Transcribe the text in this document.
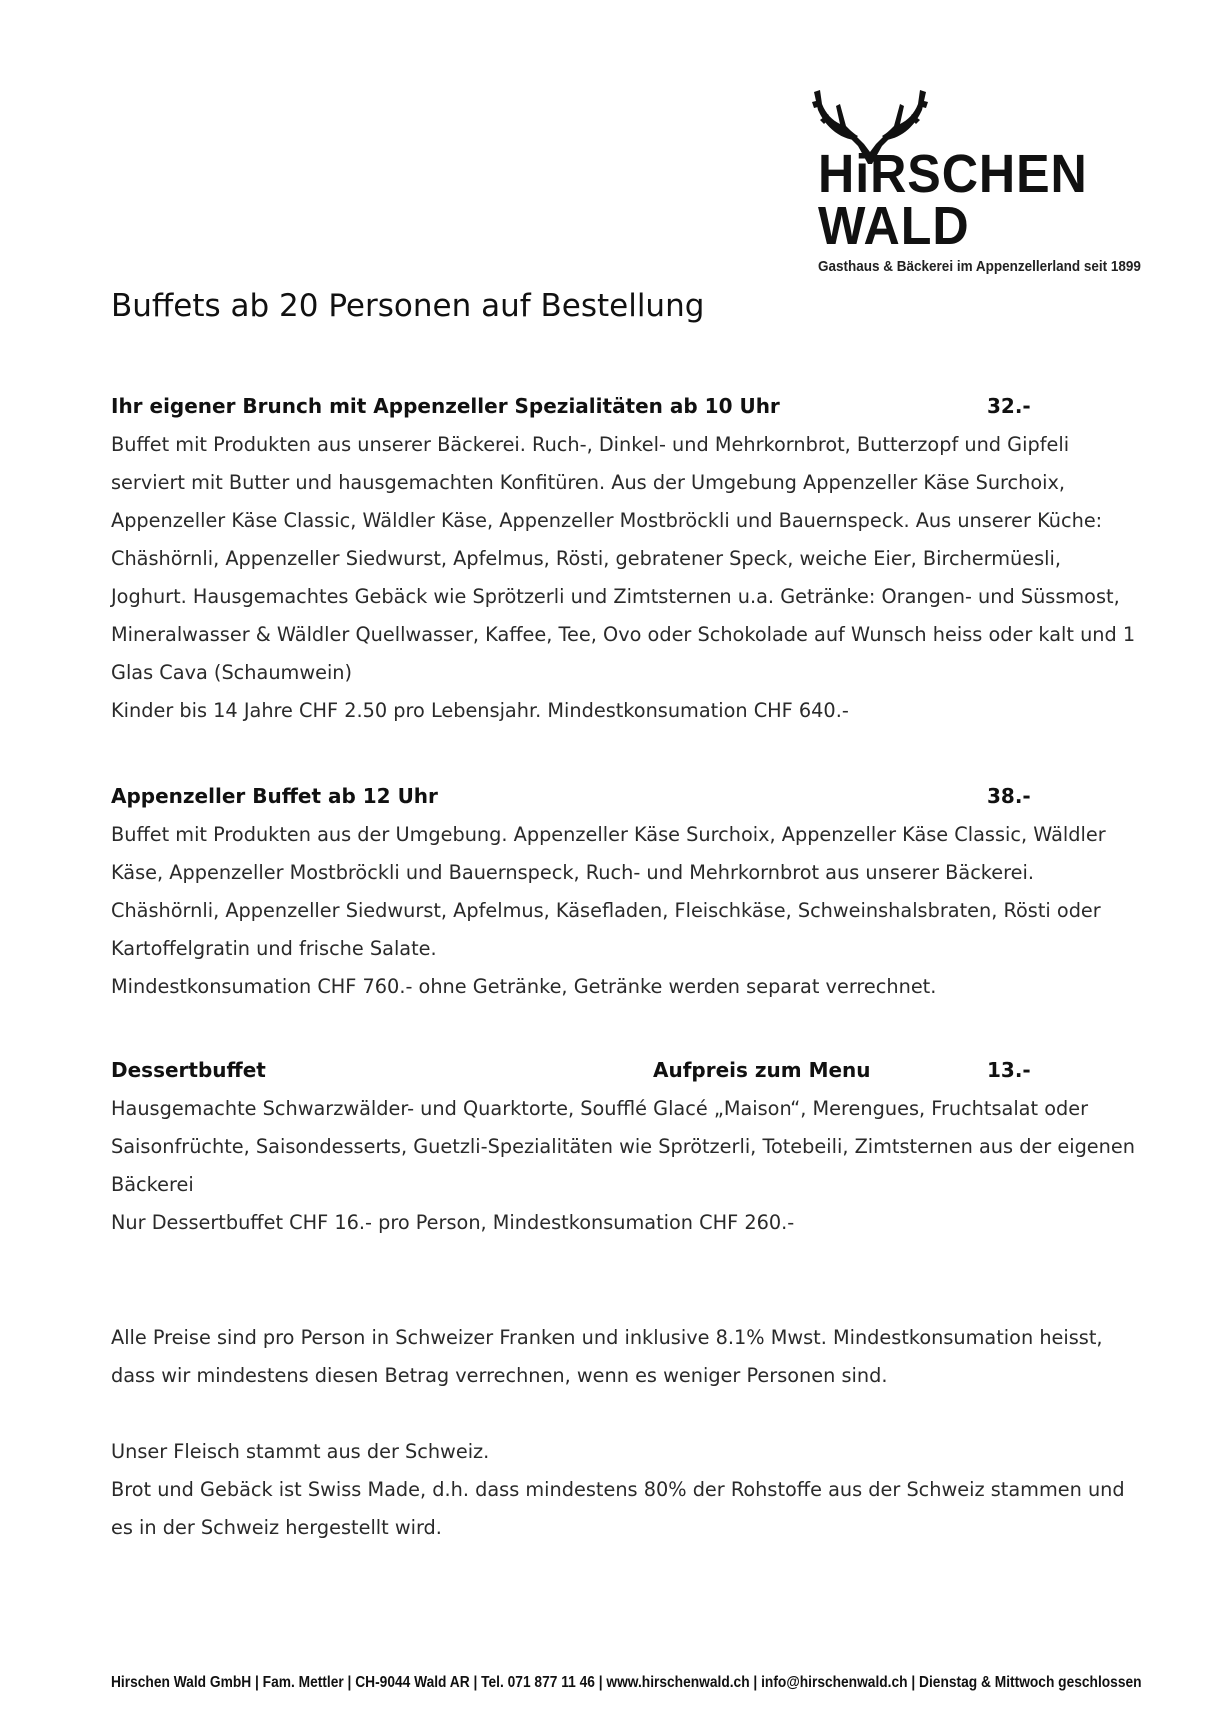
HiRSCHEN
WALD
Gasthaus & Bäckerei im Appenzellerland seit 1899
Buffets ab 20 Personen auf Bestellung
Ihr eigener Brunch mit Appenzeller Spezialitäten ab 10 Uhr	32.-

Buffet mit Produkten aus unserer Bäckerei. Ruch-, Dinkel- und Mehrkornbrot, Butterzopf und Gipfeli serviert mit Butter und hausgemachten Konfitüren. Aus der Umgebung Appenzeller Käse Surchoix, Appenzeller Käse Classic, Wäldler Käse, Appenzeller Mostbröckli und Bauernspeck. Aus unserer Küche: Chäshörnli, Appenzeller Siedwurst, Apfelmus, Rösti, gebratener Speck, weiche Eier, Birchermüesli, Joghurt. Hausgemachtes Gebäck wie Sprötzerli und Zimtsternen u.a. Getränke: Orangen- und Süssmost, Mineralwasser & Wäldler Quellwasser, Kaffee, Tee, Ovo oder Schokolade auf Wunsch heiss oder kalt und 1 Glas Cava (Schaumwein)

Kinder bis 14 Jahre CHF 2.50 pro Lebensjahr. Mindestkonsumation CHF 640.-

Appenzeller Buffet ab 12 Uhr	38.-

Buffet mit Produkten aus der Umgebung. Appenzeller Käse Surchoix, Appenzeller Käse Classic, Wäldler Käse, Appenzeller Mostbröckli und Bauernspeck, Ruch- und Mehrkornbrot aus unserer Bäckerei. Chäshörnli, Appenzeller Siedwurst, Apfelmus, Käsefladen, Fleischkäse, Schweinshalsbraten, Rösti oder Kartoffelgratin und frische Salate.

Mindestkonsumation CHF 760.- ohne Getränke, Getränke werden separat verrechnet.

Dessertbuffet	Aufpreis zum Menu	13.-

Hausgemachte Schwarzwälder- und Quarktorte, Soufflé Glacé „Maison“, Merengues, Fruchtsalat oder Saisonfrüchte, Saisondesserts, Guetzli-Spezialitäten wie Sprötzerli, Totebeili, Zimtsternen aus der eigenen Bäckerei

Nur Dessertbuffet CHF 16.- pro Person, Mindestkonsumation CHF 260.-

Alle Preise sind pro Person in Schweizer Franken und inklusive 8.1% Mwst. Mindestkonsumation heisst, dass wir mindestens diesen Betrag verrechnen, wenn es weniger Personen sind.

Unser Fleisch stammt aus der Schweiz.

Brot und Gebäck ist Swiss Made, d.h. dass mindestens 80% der Rohstoffe aus der Schweiz stammen und es in der Schweiz hergestellt wird.

Hirschen Wald GmbH | Fam. Mettler | CH-9044 Wald AR | Tel. 071 877 11 46 | www.hirschenwald.ch | info@hirschenwald.ch | Dienstag & Mittwoch geschlossen
